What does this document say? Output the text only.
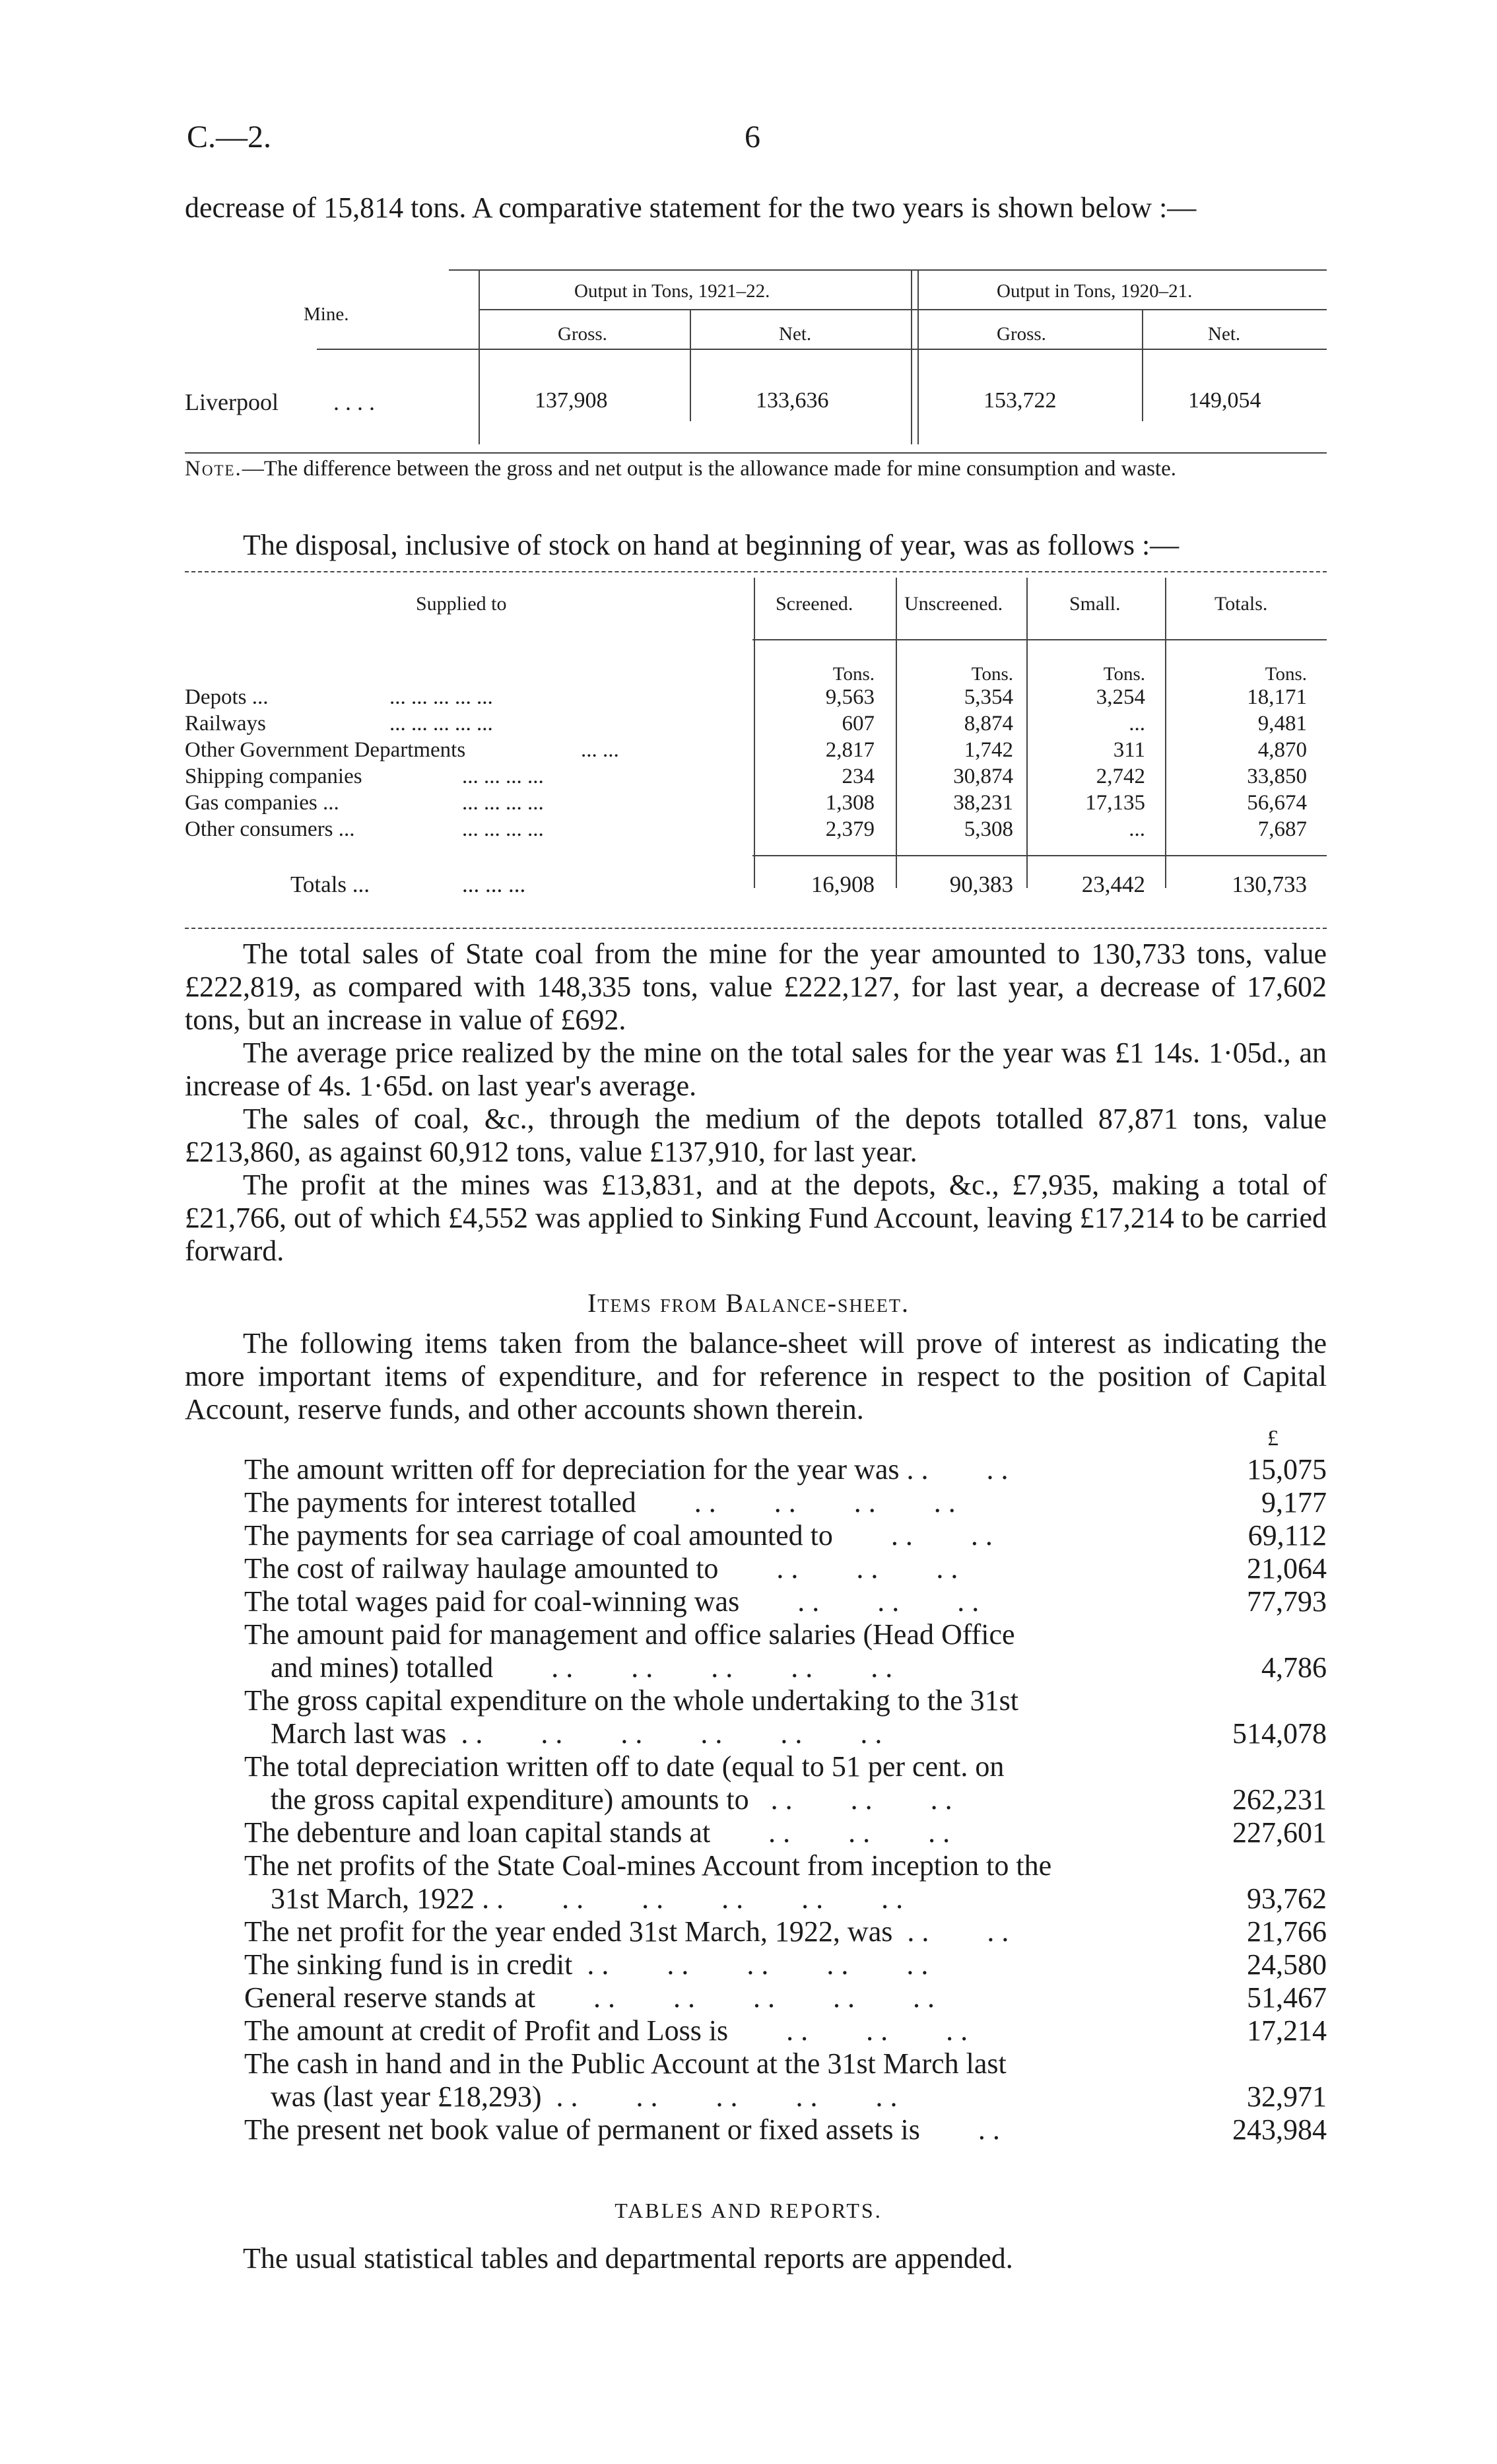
C.—2.	6
decrease of 15,814 tons. A comparative statement for the two years is shown below :—
Mine.
Output in Tons, 1921–22.	Output in Tons, 1920–21.
Gross.	Net.	Gross.	Net.
Liverpool . . . .	137,908	133,636	153,722	149,054
Note.—The difference between the gross and net output is the allowance made for mine consumption and waste.
The disposal, inclusive of stock on hand at beginning of year, was as follows :—
Supplied to	Screened.	Unscreened.	Small.	Totals.
Tons.	Tons.	Tons.	Tons.
Depots ...	... ... ... ... ...	9,563	5,354	3,254	18,171
Railways	... ... ... ... ...	607	8,874	...	9,481
Other Government Departments	... ...	2,817	1,742	311	4,870
Shipping companies	... ... ... ...	234	30,874	2,742	33,850
Gas companies ...	... ... ... ...	1,308	38,231	17,135	56,674
Other consumers ...	... ... ... ...	2,379	5,308	...	7,687
Totals ...	... ... ...	16,908	90,383	23,442	130,733

The total sales of State coal from the mine for the year amounted to 130,733 tons, value £222,819, as compared with 148,335 tons, value £222,127, for last year, a decrease of 17,602 tons, but an increase in value of £692.

The average price realized by the mine on the total sales for the year was £1 14s. 1·05d., an increase of 4s. 1·65d. on last year's average.

The sales of coal, &c., through the medium of the depots totalled 87,871 tons, value £213,860, as against 60,912 tons, value £137,910, for last year.

The profit at the mines was £13,831, and at the depots, &c., £7,935, making a total of £21,766, out of which £4,552 was applied to Sinking Fund Account, leaving £17,214 to be carried forward.

Items from Balance-sheet.
The following items taken from the balance-sheet will prove of interest as indicating the more important items of expenditure, and for reference in respect to the position of Capital Account, reserve funds, and other accounts shown therein.
£
The amount written off for depreciation for the year was . .        . .	15,075
The payments for interest totalled        . .        . .        . .        . .	9,177
The payments for sea carriage of coal amounted to        . .        . .	69,112
The cost of railway haulage amounted to        . .        . .        . .	21,064
The total wages paid for coal-winning was        . .        . .        . .	77,793
The amount paid for management and office salaries (Head Office
and mines) totalled        . .        . .        . .        . .        . .	4,786
The gross capital expenditure on the whole undertaking to the 31st
March last was  . .        . .        . .        . .        . .        . .	514,078
The total depreciation written off to date (equal to 51 per cent. on
the gross capital expenditure) amounts to   . .        . .        . .	262,231
The debenture and loan capital stands at        . .        . .        . .	227,601
The net profits of the State Coal-mines Account from inception to the
31st March, 1922 . .        . .        . .        . .        . .        . .	93,762
The net profit for the year ended 31st March, 1922, was  . .        . .	21,766
The sinking fund is in credit  . .        . .        . .        . .        . .	24,580
General reserve stands at        . .        . .        . .        . .        . .	51,467
The amount at credit of Profit and Loss is        . .        . .        . .	17,214
The cash in hand and in the Public Account at the 31st March last
was (last year £18,293)  . .        . .        . .        . .        . .	32,971
The present net book value of permanent or fixed assets is        . .	243,984
TABLES AND REPORTS.
The usual statistical tables and departmental reports are appended.
